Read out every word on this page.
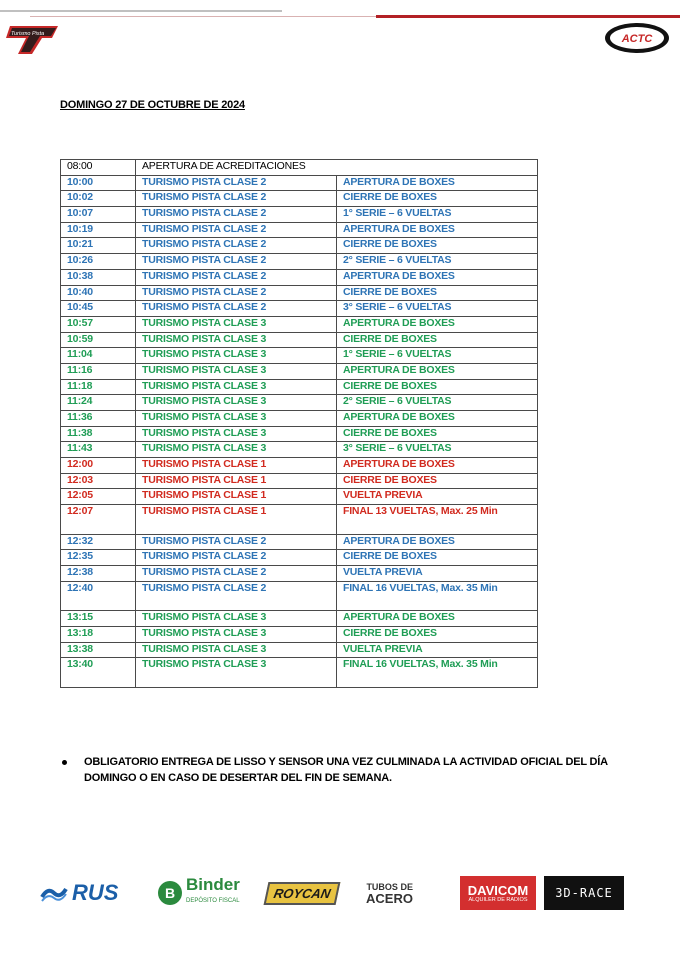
Turismo Pista	ACTC
DOMINGO 27 DE OCTUBRE DE 2024
08:00	APERTURA DE ACREDITACIONES	
10:00	TURISMO PISTA CLASE 2	APERTURA DE BOXES
10:02	TURISMO PISTA CLASE 2	CIERRE DE BOXES
10:07	TURISMO PISTA CLASE 2	1° SERIE – 6 VUELTAS
10:19	TURISMO PISTA CLASE 2	APERTURA DE BOXES
10:21	TURISMO PISTA CLASE 2	CIERRE DE BOXES
10:26	TURISMO PISTA CLASE 2	2° SERIE – 6 VUELTAS
10:38	TURISMO PISTA CLASE 2	APERTURA DE BOXES
10:40	TURISMO PISTA CLASE 2	CIERRE DE BOXES
10:45	TURISMO PISTA CLASE 2	3° SERIE – 6 VUELTAS
10:57	TURISMO PISTA CLASE 3	APERTURA DE BOXES
10:59	TURISMO PISTA CLASE 3	CIERRE DE BOXES
11:04	TURISMO PISTA CLASE 3	1° SERIE – 6 VUELTAS
11:16	TURISMO PISTA CLASE 3	APERTURA DE BOXES
11:18	TURISMO PISTA CLASE 3	CIERRE DE BOXES
11:24	TURISMO PISTA CLASE 3	2° SERIE – 6 VUELTAS
11:36	TURISMO PISTA CLASE 3	APERTURA DE BOXES
11:38	TURISMO PISTA CLASE 3	CIERRE DE BOXES
11:43	TURISMO PISTA CLASE 3	3° SERIE – 6 VUELTAS
12:00	TURISMO PISTA CLASE 1	APERTURA DE BOXES
12:03	TURISMO PISTA CLASE 1	CIERRE DE BOXES
12:05	TURISMO PISTA CLASE 1	VUELTA PREVIA
12:07	TURISMO PISTA CLASE 1	FINAL 13 VUELTAS, Max. 25 Min
12:32	TURISMO PISTA CLASE 2	APERTURA DE BOXES
12:35	TURISMO PISTA CLASE 2	CIERRE DE BOXES
12:38	TURISMO PISTA CLASE 2	VUELTA PREVIA
12:40	TURISMO PISTA CLASE 2	FINAL 16 VUELTAS, Max. 35 Min
13:15	TURISMO PISTA CLASE 3	APERTURA DE BOXES
13:18	TURISMO PISTA CLASE 3	CIERRE DE BOXES
13:38	TURISMO PISTA CLASE 3	VUELTA PREVIA
13:40	TURISMO PISTA CLASE 3	FINAL 16 VUELTAS, Max. 35 Min
OBLIGATORIO ENTREGA DE LISSO Y SENSOR UNA VEZ CULMINADA LA ACTIVIDAD OFICIAL DEL DÍA DOMINGO O EN CASO DE DESERTAR DEL FIN DE SEMANA.
RUS	B Binder
DEPÓSITO FISCAL
ROYCAN	TUBOS DE
ACERO
DAVICOM
ALQUILER DE RADIOS 3D-RACE
